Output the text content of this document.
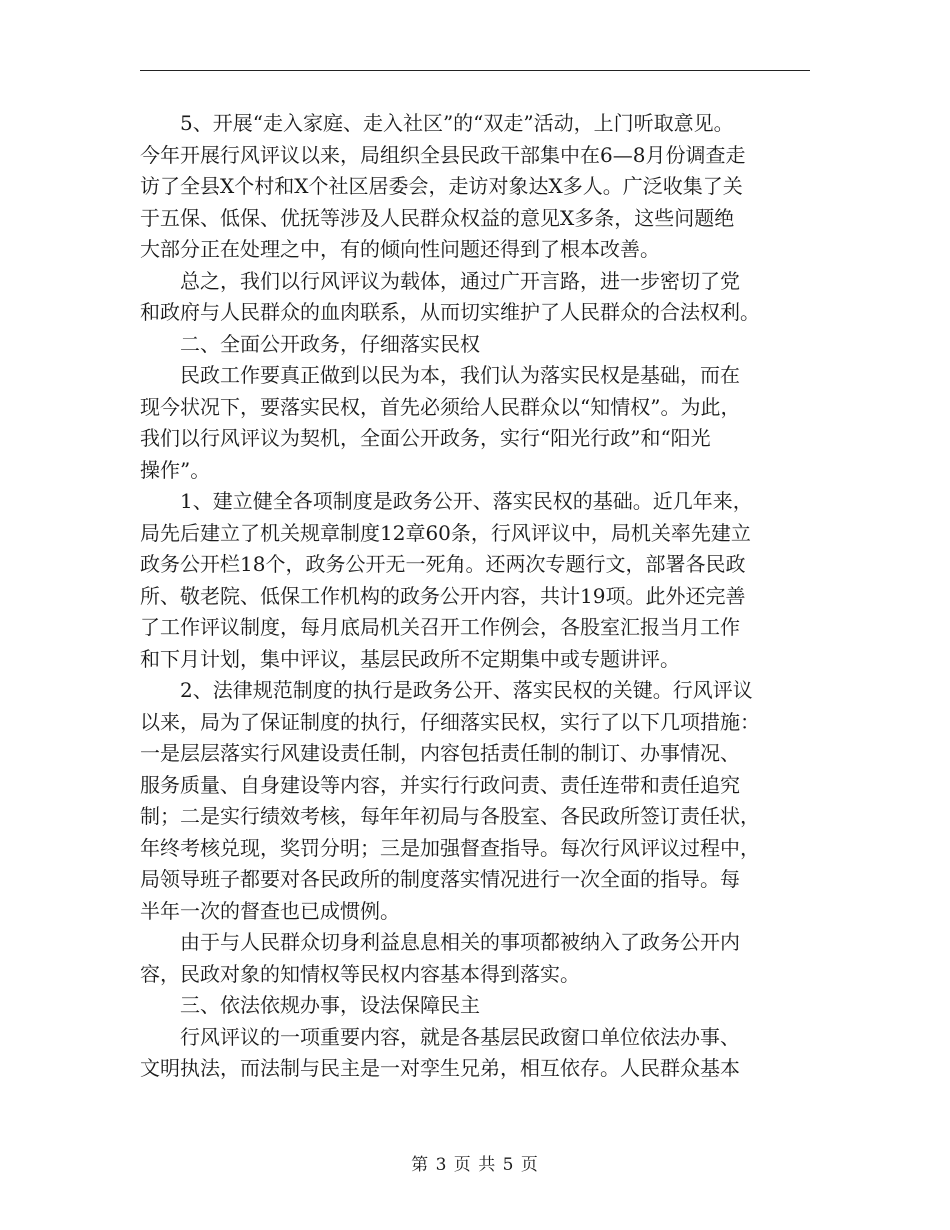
　　5、开展“走入家庭、走入社区”的“双走”活动，上门听取意见。
今年开展行风评议以来，局组织全县民政干部集中在6—8月份调查走
访了全县X个村和X个社区居委会，走访对象达X多人。广泛收集了关
于五保、低保、优抚等涉及人民群众权益的意见X多条，这些问题绝
大部分正在处理之中，有的倾向性问题还得到了根本改善。
　　总之，我们以行风评议为载体，通过广开言路，进一步密切了党
和政府与人民群众的血肉联系，从而切实维护了人民群众的合法权利。
　　二、全面公开政务，仔细落实民权
　　民政工作要真正做到以民为本，我们认为落实民权是基础，而在
现今状况下，要落实民权，首先必须给人民群众以“知情权”。为此，
我们以行风评议为契机，全面公开政务，实行“阳光行政”和“阳光
操作”。
　　1、建立健全各项制度是政务公开、落实民权的基础。近几年来，
局先后建立了机关规章制度12章60条，行风评议中，局机关率先建立
政务公开栏18个，政务公开无一死角。还两次专题行文，部署各民政
所、敬老院、低保工作机构的政务公开内容，共计19项。此外还完善
了工作评议制度，每月底局机关召开工作例会，各股室汇报当月工作
和下月计划，集中评议，基层民政所不定期集中或专题讲评。
　　2、法律规范制度的执行是政务公开、落实民权的关键。行风评议
以来，局为了保证制度的执行，仔细落实民权，实行了以下几项措施：
一是层层落实行风建设责任制，内容包括责任制的制订、办事情况、
服务质量、自身建设等内容，并实行行政问责、责任连带和责任追究
制；二是实行绩效考核，每年年初局与各股室、各民政所签订责任状，
年终考核兑现，奖罚分明；三是加强督查指导。每次行风评议过程中，
局领导班子都要对各民政所的制度落实情况进行一次全面的指导。每
半年一次的督查也已成惯例。
　　由于与人民群众切身利益息息相关的事项都被纳入了政务公开内
容，民政对象的知情权等民权内容基本得到落实。
　　三、依法依规办事，设法保障民主
　　行风评议的一项重要内容，就是各基层民政窗口单位依法办事、
文明执法，而法制与民主是一对孪生兄弟，相互依存。人民群众基本
第 3 页 共 5 页
